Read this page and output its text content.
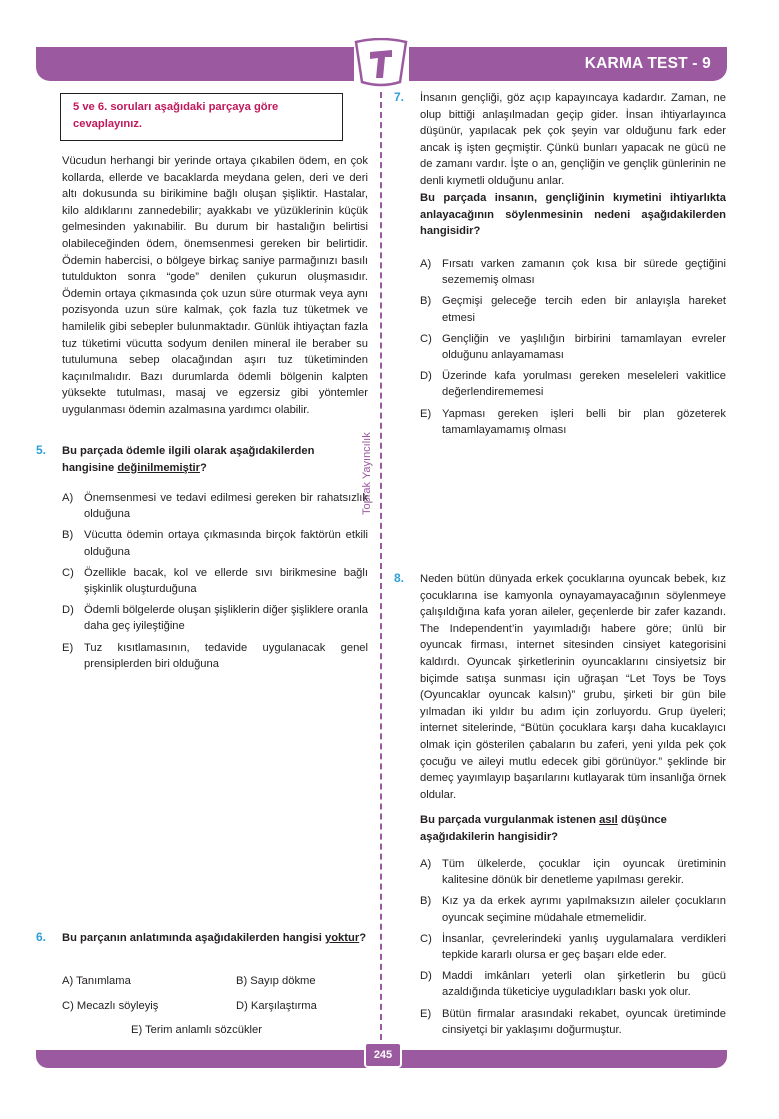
KARMA TEST - 9
Toprak Yayıncılık
5 ve 6. soruları aşağıdaki parçaya göre cevaplayınız.

Vücudun herhangi bir yerinde ortaya çıkabilen ödem, en çok kollarda, ellerde ve bacaklarda meydana gelen, deri ve deri altı dokusunda su birikimine bağlı oluşan şişliktir. Hastalar, kilo aldıklarını zannedebilir; ayakkabı ve yüzüklerinin küçük gelmesinden yakınabilir. Bu durum bir hastalığın belirtisi olabileceğinden ödem, önemsenmesi gereken bir belirtidir. Ödemin habercisi, o bölgeye birkaç saniye parmağınızı basılı tutuldukton sonra “gode” denilen çukurun oluşmasıdır. Ödemin ortaya çıkmasında çok uzun süre oturmak veya aynı pozisyonda uzun süre kalmak, çok fazla tuz tüketmek ve hamilelik gibi sebepler bulunmaktadır. Günlük ihtiyaçtan fazla tuz tüketimi vücutta sodyum denilen mineral ile beraber su tutulumuna sebep olacağından aşırı tuz tüketiminden kaçınılmalıdır. Bazı durumlarda ödemli bölgenin kalpten yüksekte tutulması, masaj ve egzersiz gibi yöntemler uygulanması ödemin azalmasına yardımcı olabilir.

5. Bu parçada ödemle ilgili olarak aşağıdakilerden hangisine değinilmemiştir?
A) Önemsenmesi ve tedavi edilmesi gereken bir rahatsızlık olduğuna
B) Vücutta ödemin ortaya çıkmasında birçok faktörün etkili olduğuna
C) Özellikle bacak, kol ve ellerde sıvı birikmesine bağlı şişkinlik oluşturduğuna
D) Ödemli bölgelerde oluşan şişliklerin diğer şişliklere oranla daha geç iyileştiğine
E) Tuz kısıtlamasının, tedavide uygulanacak genel prensiplerden biri olduğuna
6. Bu parçanın anlatımında aşağıdakilerden hangisi yoktur?
A) Tanımlama	B) Sayıp dökme
C) Mecazlı söyleyiş	D) Karşılaştırma
E) Terim anlamlı sözcükler
7. İnsanın gençliği, göz açıp kapayıncaya kadardır. Zaman, ne olup bittiği anlaşılmadan geçip gider. İnsan ihtiyarlayınca düşünür, yapılacak pek çok şeyin var olduğunu fark eder ancak iş işten geçmiştir. Çünkü bunları yapacak ne gücü ne de zamanı vardır. İşte o an, gençliğin ve gençlik günlerinin ne denli kıymetli olduğunu anlar.

Bu parçada insanın, gençliğinin kıymetini ihtiyarlıkta anlayacağının söylenmesinin nedeni aşağıdakilerden hangisidir?

A) Fırsatı varken zamanın çok kısa bir sürede geçtiğini sezememiş olması
B) Geçmişi geleceğe tercih eden bir anlayışla hareket etmesi
C) Gençliğin ve yaşlılığın birbirini tamamlayan evreler olduğunu anlayamaması
D) Üzerinde kafa yorulması gereken meseleleri vakitlice değerlendirememesi
E) Yapması gereken işleri belli bir plan gözeterek tamamlayamamış olması
8. Neden bütün dünyada erkek çocuklarına oyuncak bebek, kız çocuklarına ise kamyonla oynayamayacağının söylenmeye çalışıldığına kafa yoran aileler, geçenlerde bir zafer kazandı. The Independent’in yayımladığı habere göre; ünlü bir oyuncak firması, internet sitesinden cinsiyet kategorisini kaldırdı. Oyuncak şirketlerinin oyuncaklarını cinsiyetsiz bir biçimde satışa sunması için uğraşan “Let Toys be Toys (Oyuncaklar oyuncak kalsın)” grubu, şirketi bir gün bile yılmadan iki yıldır bu adım için zorluyordu. Grup üyeleri; internet sitelerinde, “Bütün çocuklara karşı daha kucaklayıcı olmak için gösterilen çabaların bu zaferi, yeni yılda pek çok çocuğu ve aileyi mutlu edecek gibi görünüyor.” şeklinde bir demeç yayımlayıp başarılarını kutlayarak tüm insanlığa örnek oldular.

Bu parçada vurgulanmak istenen asıl düşünce aşağıdakilerin hangisidir?
A) Tüm ülkelerde, çocuklar için oyuncak üretiminin kalitesine dönük bir denetleme yapılması gerekir.
B) Kız ya da erkek ayrımı yapılmaksızın aileler çocukların oyuncak seçimine müdahale etmemelidir.
C) İnsanlar, çevrelerindeki yanlış uygulamalara verdikleri tepkide kararlı olursa er geç başarı elde eder.
D) Maddi imkânları yeterli olan şirketlerin bu gücü azaldığında tüketiciye uyguladıkları baskı yok olur.
E) Bütün firmalar arasındaki rekabet, oyuncak üretiminde cinsiyetçi bir yaklaşımı doğurmuştur.
245
